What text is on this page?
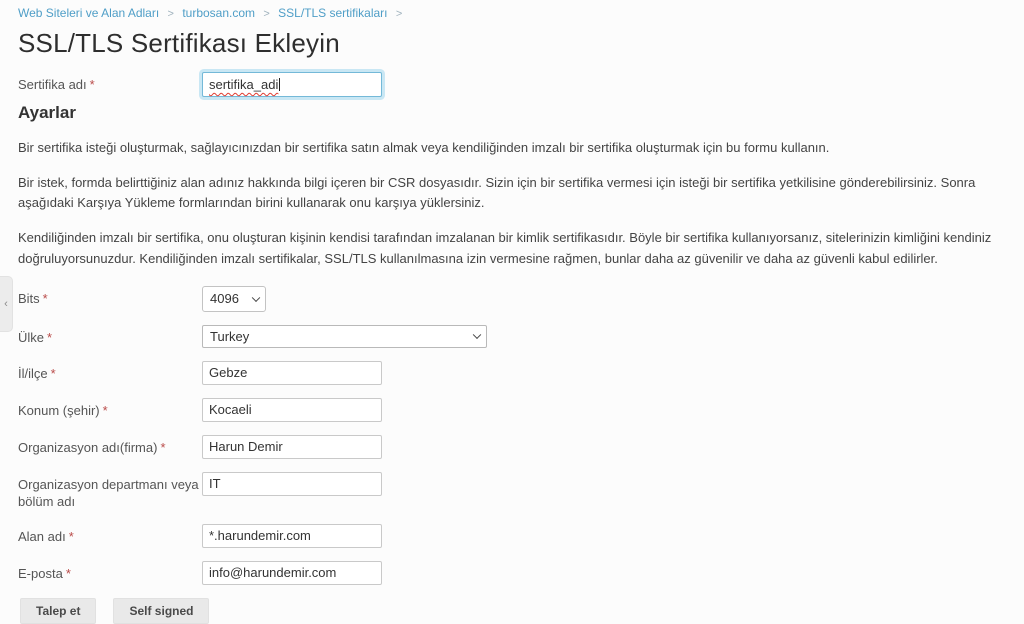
‹
Web Siteleri ve Alan Adları > turbosan.com > SSL/TLS sertifikaları >
SSL/TLS Sertifikası Ekleyin
Sertifika adı *	sertifika_adi
Ayarlar

Bir sertifika isteği oluşturmak, sağlayıcınızdan bir sertifika satın almak veya kendiliğinden imzalı bir sertifika oluşturmak için bu formu kullanın.

Bir istek, formda belirttiğiniz alan adınız hakkında bilgi içeren bir CSR dosyasıdır. Sizin için bir sertifika vermesi için isteği bir sertifika yetkilisine gönderebilirsiniz. Sonra aşağıdaki Karşıya Yükleme formlarından birini kullanarak onu karşıya yüklersiniz.

Kendiliğinden imzalı bir sertifika, onu oluşturan kişinin kendisi tarafından imzalanan bir kimlik sertifikasıdır. Böyle bir sertifika kullanıyorsanız, sitelerinizin kimliğini kendiniz doğruluyorsunuzdur. Kendiliğinden imzalı sertifikalar, SSL/TLS kullanılmasına izin vermesine rağmen, bunlar daha az güvenilir ve daha az güvenli kabul edilirler.

Bits *
4096
Ülke *
Turkey
İl/ilçe *
Gebze
Konum (şehir) *
Kocaeli
Organizasyon adı(firma) *
Harun Demir
Organizasyon departmanı veya bölüm adı
IT
Alan adı *
*.harundemir.com
E-posta *
info@harundemir.com
Talep et	Self signed
